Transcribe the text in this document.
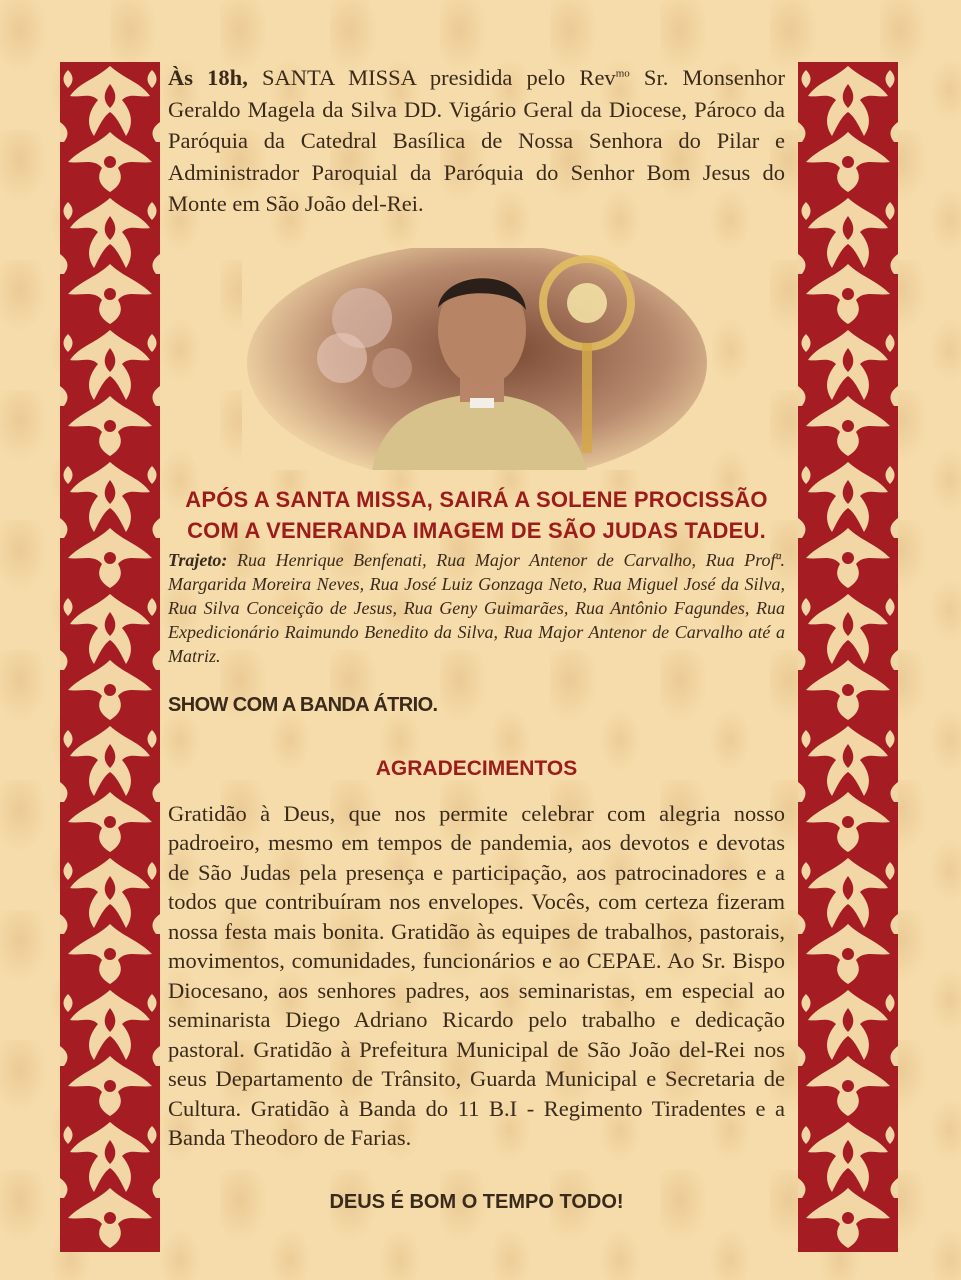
Às 18h, SANTA MISSA presidida pelo Rev$^{mo}$ Sr. Monsenhor Geraldo Magela da Silva DD. Vigário Geral da Diocese, Pároco da Paróquia da Catedral Basílica de Nossa Senhora do Pilar e Administrador Paroquial da Paróquia do Senhor Bom Jesus do Monte em São João del-Rei.

APÓS A SANTA MISSA, SAIRÁ A SOLENE PROCISSÃO COM A VENERANDA IMAGEM DE SÃO JUDAS TADEU.

Trajeto: Rua Henrique Benfenati, Rua Major Antenor de Carvalho, Rua Profª. Margarida Moreira Neves, Rua José Luiz Gonzaga Neto, Rua Miguel José da Silva, Rua Silva Conceição de Jesus, Rua Geny Guimarães, Rua Antônio Fagundes, Rua Expedicionário Raimundo Benedito da Silva, Rua Major Antenor de Carvalho até a Matriz.

SHOW COM A BANDA ÁTRIO.

AGRADECIMENTOS

Gratidão à Deus, que nos permite celebrar com alegria nosso padroeiro, mesmo em tempos de pandemia, aos devotos e devotas de São Judas pela presença e participação, aos patrocinadores e a todos que contribuíram nos envelopes. Vocês, com certeza fizeram nossa festa mais bonita. Gratidão às equipes de trabalhos, pastorais, movimentos, comunidades, funcionários e ao CEPAE. Ao Sr. Bispo Diocesano, aos senhores padres, aos seminaristas, em especial ao seminarista Diego Adriano Ricardo pelo trabalho e dedicação pastoral. Gratidão à Prefeitura Municipal de São João del-Rei nos seus Departamento de Trânsito, Guarda Municipal e Secretaria de Cultura. Gratidão à Banda do 11 B.I - Regimento Tiradentes e a Banda Theodoro de Farias.

DEUS É BOM O TEMPO TODO!
